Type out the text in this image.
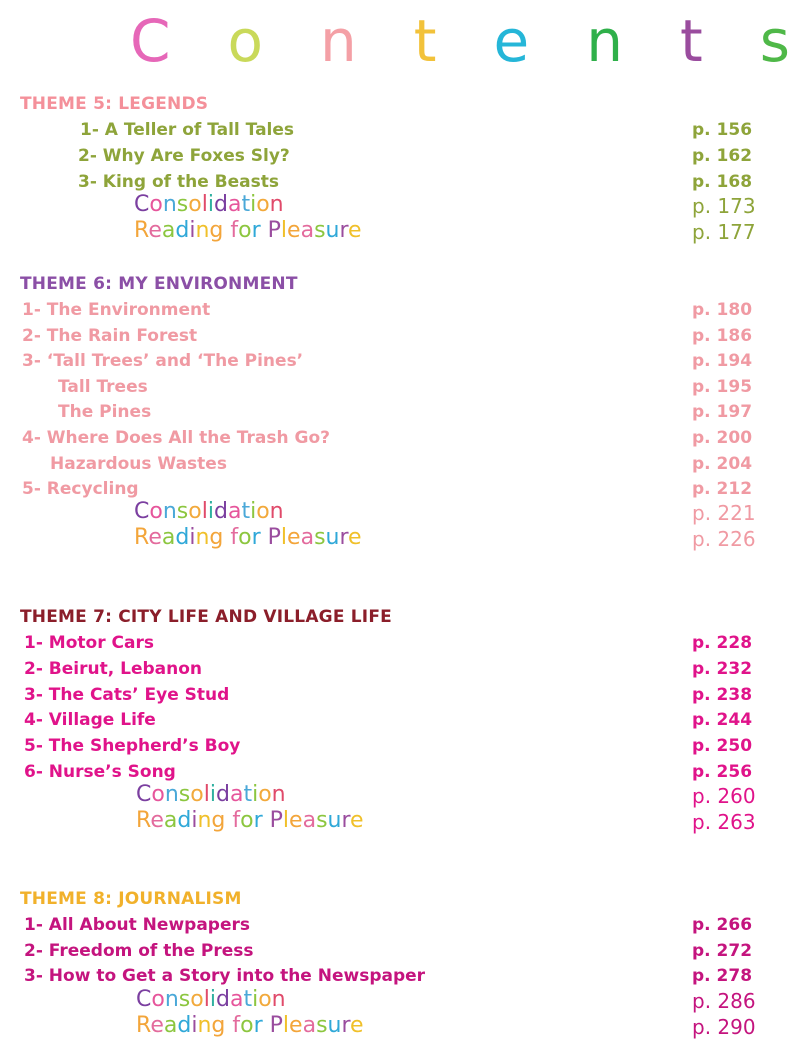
C o n t e n t s
THEME 5: LEGENDS
1- A Teller of Tall Tales	p. 156
2- Why Are Foxes Sly?	p. 162
3- King of the Beasts	p. 168
Consolidation	p. 173
Reading for Pleasure	p. 177
THEME 6: MY ENVIRONMENT
1- The Environment	p. 180
2- The Rain Forest	p. 186
3- ‘Tall Trees’ and ‘The Pines’	p. 194
Tall Trees	p. 195
The Pines	p. 197
4- Where Does All the Trash Go?	p. 200
Hazardous Wastes	p. 204
5- Recycling	p. 212
Consolidation	p. 221
Reading for Pleasure	p. 226
THEME 7: CITY LIFE AND VILLAGE LIFE
1- Motor Cars	p. 228
2- Beirut, Lebanon	p. 232
3- The Cats’ Eye Stud	p. 238
4- Village Life	p. 244
5- The Shepherd’s Boy	p. 250
6- Nurse’s Song	p. 256
Consolidation	p. 260
Reading for Pleasure	p. 263
THEME 8: JOURNALISM
1- All About Newpapers	p. 266
2- Freedom of the Press	p. 272
3- How to Get a Story into the Newspaper	p. 278
Consolidation	p. 286
Reading for Pleasure	p. 290
